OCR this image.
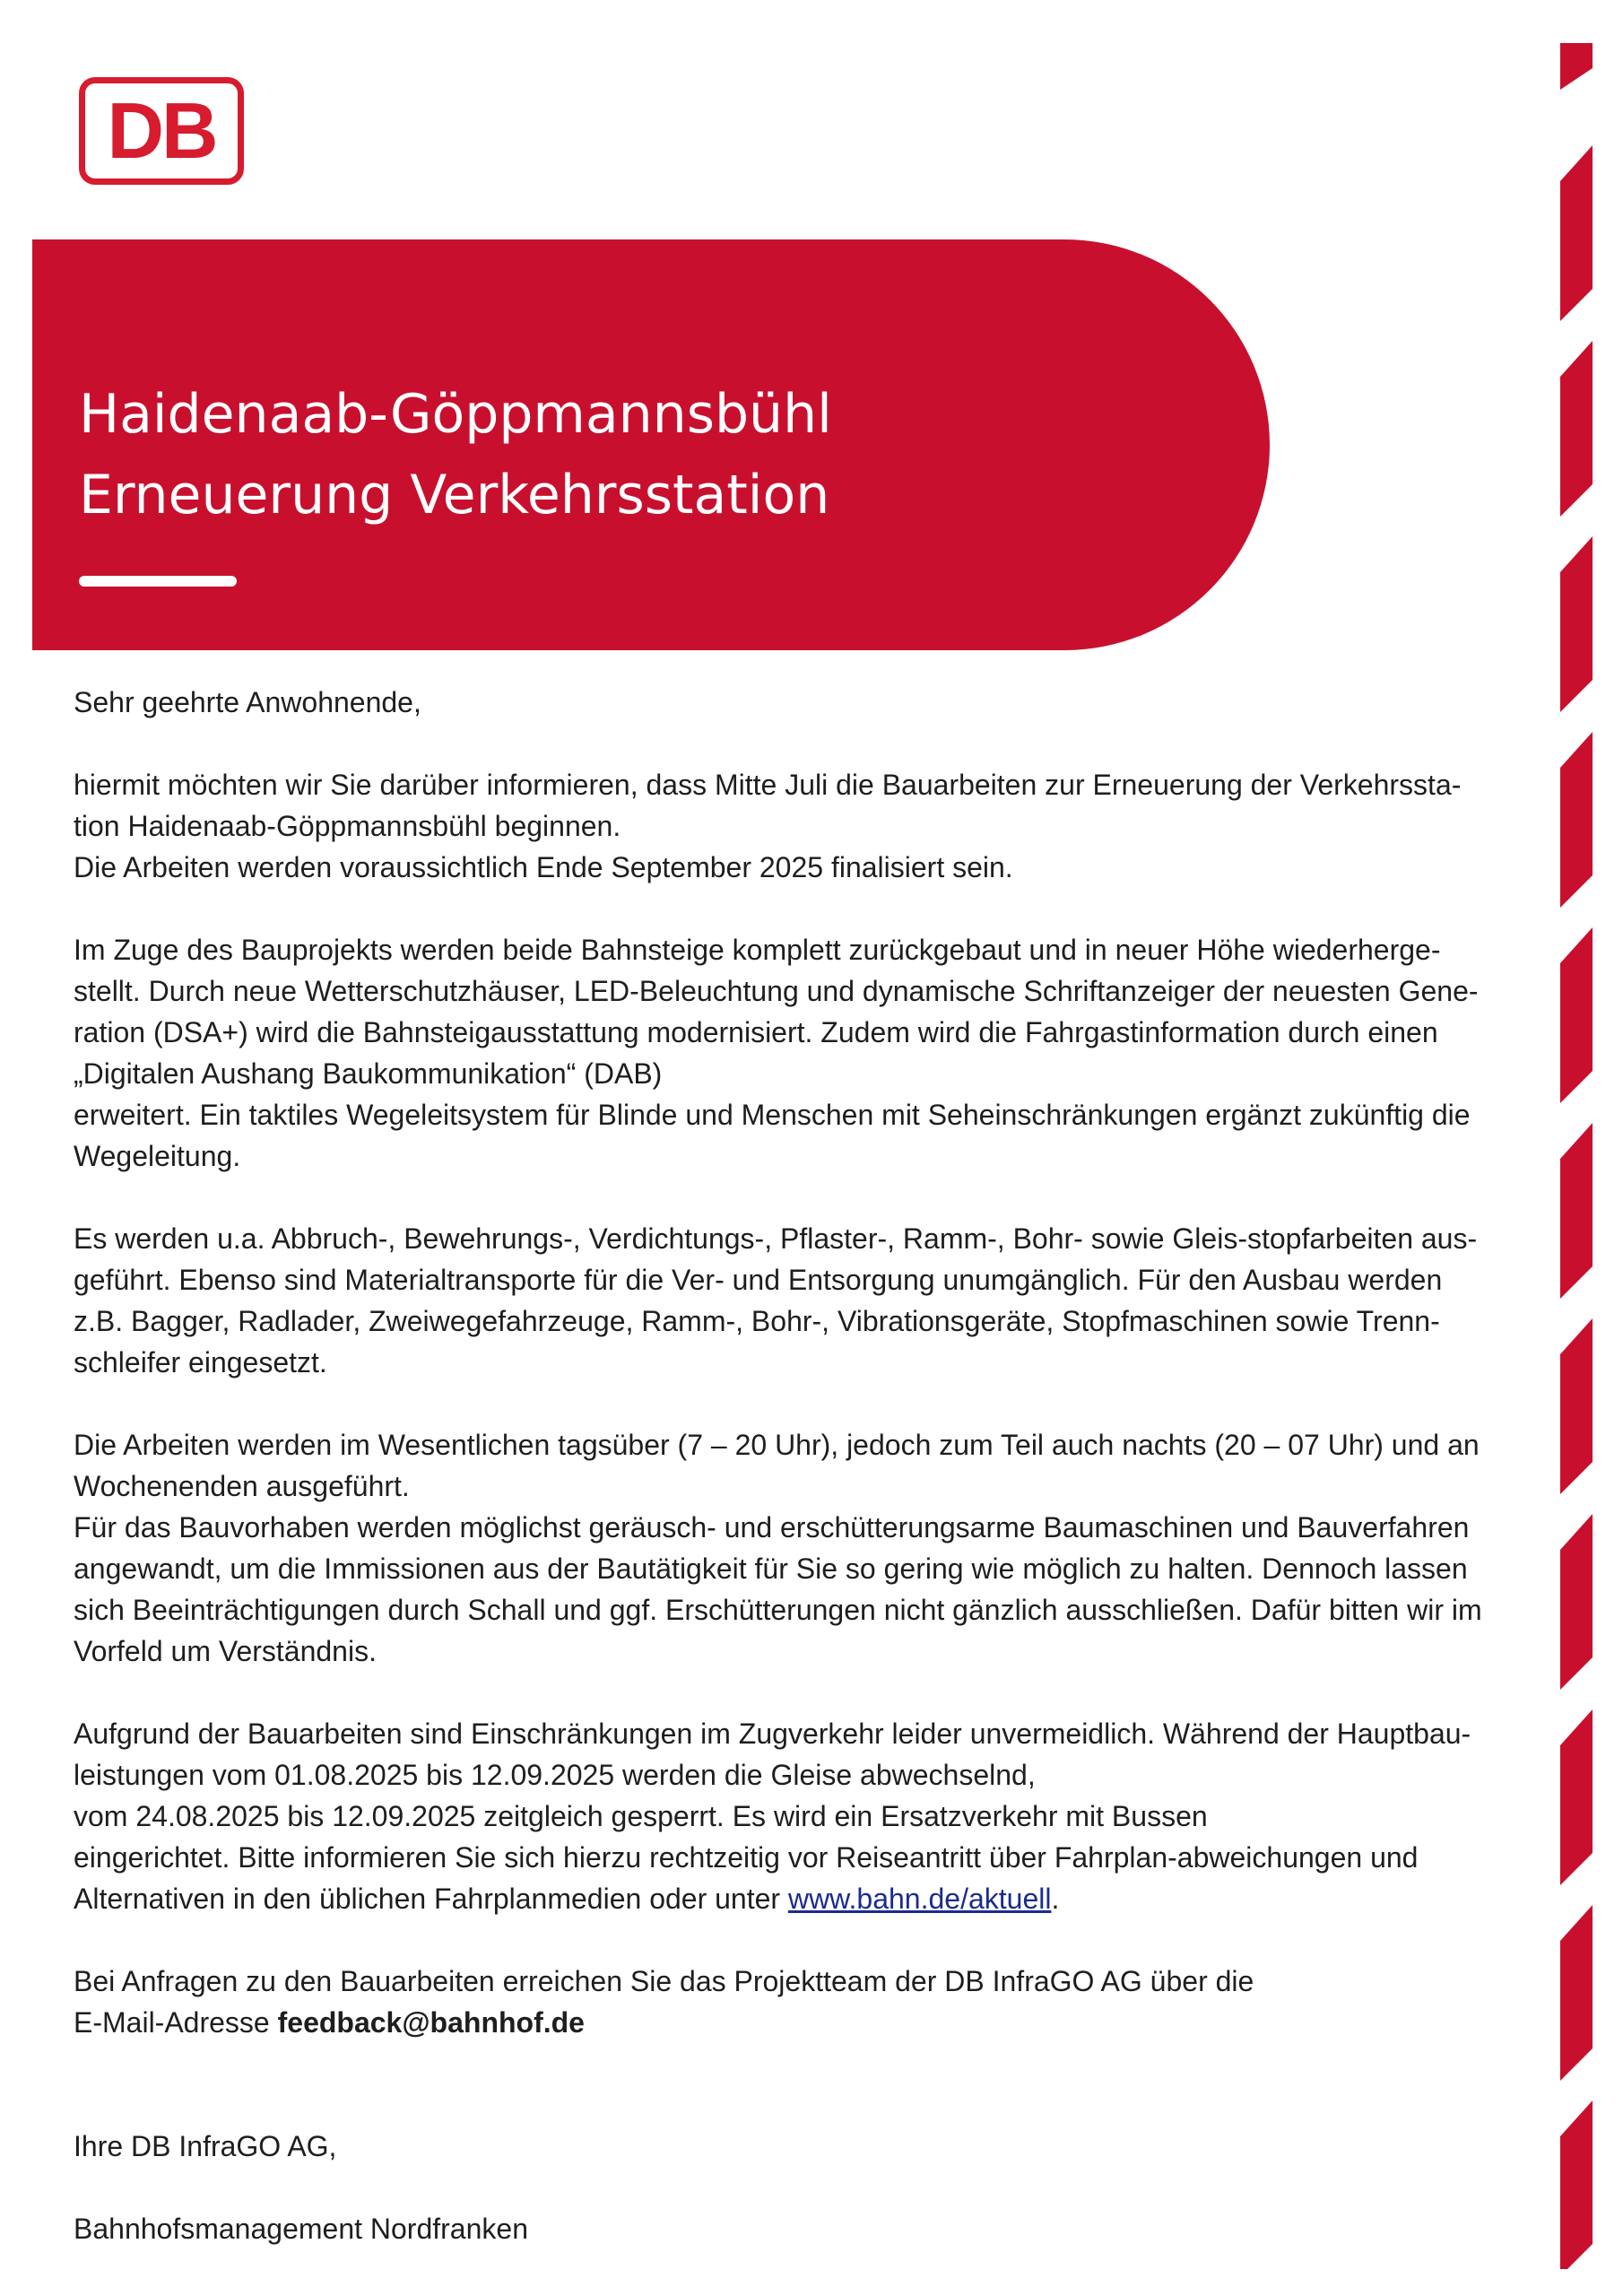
DB
Haidenaab-Göppmannsbühl
Erneuerung Verkehrsstation

Sehr geehrte Anwohnende,

hiermit möchten wir Sie darüber informieren, dass Mitte Juli die Bauarbeiten zur Erneuerung der Verkehrssta-
tion Haidenaab-Göppmannsbühl beginnen.
Die Arbeiten werden voraussichtlich Ende September 2025 finalisiert sein.

Im Zuge des Bauprojekts werden beide Bahnsteige komplett zurückgebaut und in neuer Höhe wiederherge-
stellt. Durch neue Wetterschutzhäuser, LED-Beleuchtung und dynamische Schriftanzeiger der neuesten Gene-
ration (DSA+) wird die Bahnsteigausstattung modernisiert. Zudem wird die Fahrgastinformation durch einen
„Digitalen Aushang Baukommunikation“ (DAB)
erweitert. Ein taktiles Wegeleitsystem für Blinde und Menschen mit Seheinschränkungen ergänzt zukünftig die
Wegeleitung.

Es werden u.a. Abbruch-, Bewehrungs-, Verdichtungs-, Pflaster-, Ramm-, Bohr- sowie Gleis-stopfarbeiten aus-
geführt. Ebenso sind Materialtransporte für die Ver- und Entsorgung unumgänglich. Für den Ausbau werden
z.B. Bagger, Radlader, Zweiwegefahrzeuge, Ramm-, Bohr-, Vibrationsgeräte, Stopfmaschinen sowie Trenn-
schleifer eingesetzt.

Die Arbeiten werden im Wesentlichen tagsüber (7 – 20 Uhr), jedoch zum Teil auch nachts (20 – 07 Uhr) und an
Wochenenden ausgeführt.
Für das Bauvorhaben werden möglichst geräusch- und erschütterungsarme Baumaschinen und Bauverfahren
angewandt, um die Immissionen aus der Bautätigkeit für Sie so gering wie möglich zu halten. Dennoch lassen
sich Beeinträchtigungen durch Schall und ggf. Erschütterungen nicht gänzlich ausschließen. Dafür bitten wir im
Vorfeld um Verständnis.

Aufgrund der Bauarbeiten sind Einschränkungen im Zugverkehr leider unvermeidlich. Während der Hauptbau-
leistungen vom 01.08.2025 bis 12.09.2025 werden die Gleise abwechselnd,
vom 24.08.2025 bis 12.09.2025 zeitgleich gesperrt. Es wird ein Ersatzverkehr mit Bussen
eingerichtet. Bitte informieren Sie sich hierzu rechtzeitig vor Reiseantritt über Fahrplan-abweichungen und
Alternativen in den üblichen Fahrplanmedien oder unter www.bahn.de/aktuell.

Bei Anfragen zu den Bauarbeiten erreichen Sie das Projektteam der DB InfraGO AG über die
E-Mail-Adresse feedback@bahnhof.de

Ihre DB InfraGO AG,

Bahnhofsmanagement Nordfranken
